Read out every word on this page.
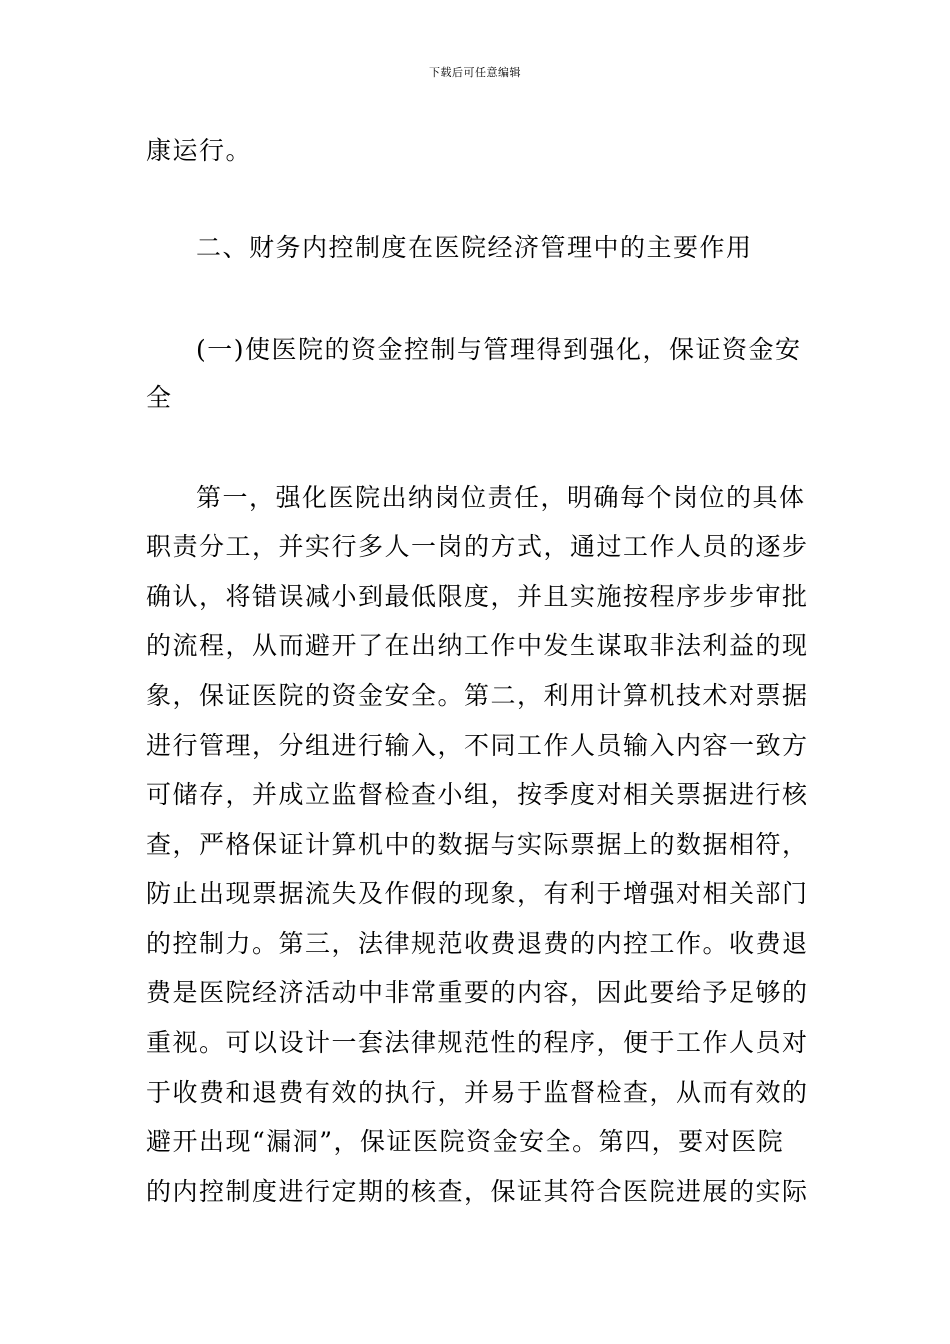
下载后可任意编辑
康运行。
二、财务内控制度在医院经济管理中的主要作用
(一)使医院的资金控制与管理得到强化，保证资金安
全
第一，强化医院出纳岗位责任，明确每个岗位的具体
职责分工，并实行多人一岗的方式，通过工作人员的逐步
确认，将错误减小到最低限度，并且实施按程序步步审批
的流程，从而避开了在出纳工作中发生谋取非法利益的现
象，保证医院的资金安全。第二，利用计算机技术对票据
进行管理，分组进行输入，不同工作人员输入内容一致方
可储存，并成立监督检查小组，按季度对相关票据进行核
查，严格保证计算机中的数据与实际票据上的数据相符，
防止出现票据流失及作假的现象，有利于增强对相关部门
的控制力。第三，法律规范收费退费的内控工作。收费退
费是医院经济活动中非常重要的内容，因此要给予足够的
重视。可以设计一套法律规范性的程序，便于工作人员对
于收费和退费有效的执行，并易于监督检查，从而有效的
避开出现“漏洞”，保证医院资金安全。第四，要对医院
的内控制度进行定期的核查，保证其符合医院进展的实际
